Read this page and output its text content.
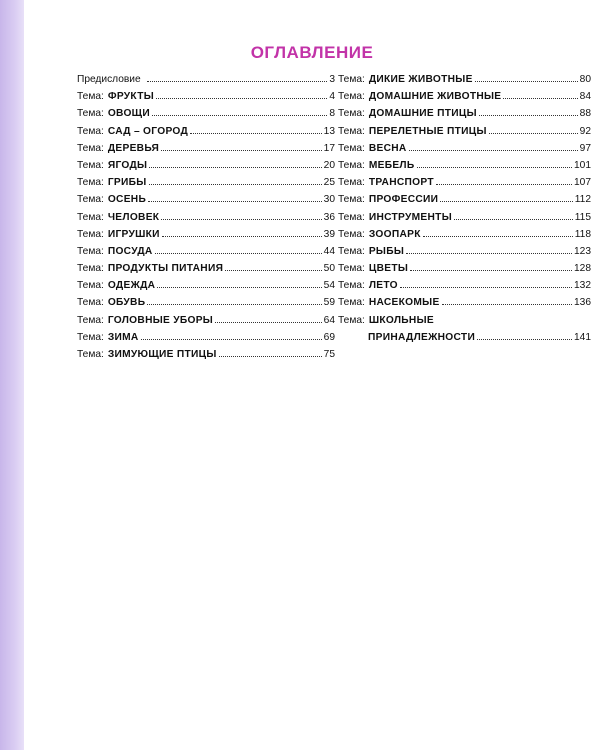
ОГЛАВЛЕНИЕ
Предисловие	3
Тема: ФРУКТЫ	4
Тема: ОВОЩИ	8
Тема: САД – ОГОРОД	13
Тема: ДЕРЕВЬЯ	17
Тема: ЯГОДЫ	20
Тема: ГРИБЫ	25
Тема: ОСЕНЬ	30
Тема: ЧЕЛОВЕК	36
Тема: ИГРУШКИ	39
Тема: ПОСУДА	44
Тема: ПРОДУКТЫ ПИТАНИЯ	50
Тема: ОДЕЖДА	54
Тема: ОБУВЬ	59
Тема: ГОЛОВНЫЕ УБОРЫ	64
Тема: ЗИМА	69
Тема: ЗИМУЮЩИЕ ПТИЦЫ	75
Тема: ДИКИЕ ЖИВОТНЫЕ	80
Тема: ДОМАШНИЕ ЖИВОТНЫЕ	84
Тема: ДОМАШНИЕ ПТИЦЫ	88
Тема: ПЕРЕЛЕТНЫЕ ПТИЦЫ	92
Тема: ВЕСНА	97
Тема: МЕБЕЛЬ	101
Тема: ТРАНСПОРТ	107
Тема: ПРОФЕССИИ	112
Тема: ИНСТРУМЕНТЫ	115
Тема: ЗООПАРК	118
Тема: РЫБЫ	123
Тема: ЦВЕТЫ	128
Тема: ЛЕТО	132
Тема: НАСЕКОМЫЕ	136
Тема: ШКОЛЬНЫЕ
ПРИНАДЛЕЖНОСТИ	141
